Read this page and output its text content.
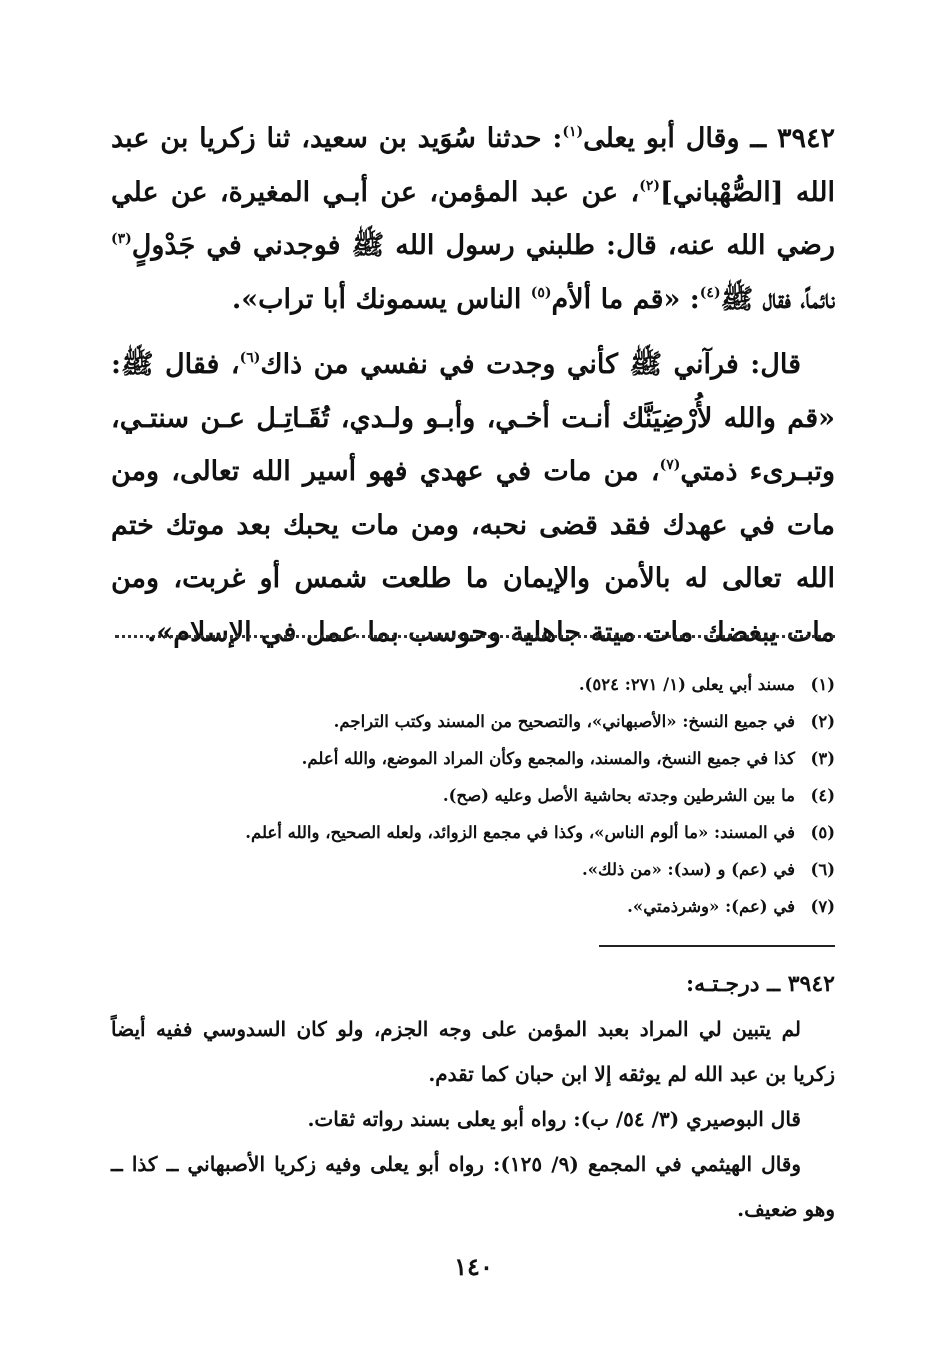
٣٩٤٢ ــ وقال أبو يعلى$^{(١)}$: حدثنا سُوَيد بن سعيد، ثنا زكريا بن عبد الله [الصُّهْباني]$^{(٢)}$، عن عبد المؤمن، عن أبـي المغيرة، عن علي رضي الله عنه، قال: طلبني رسول الله ﷺ فوجدني في جَدْولٍ$^{(٣)}$ نائماً، فقال ﷺ$^{(٤)}$: «قم ما ألأم$^{(٥)}$ الناس يسمونك أبا تراب».

قال: فرآني ﷺ كأني وجدت في نفسي من ذاك$^{(٦)}$، فقال ﷺ: «قم والله لأُرْضِيَنَّك أنـت أخـي، وأبـو ولـدي، تُقَـاتِـل عـن سنتـي، وتبـرىء ذمتي$^{(٧)}$، من مات في عهدي فهو أسير الله تعالى، ومن مات في عهدك فقد قضى نحبه، ومن مات يحبك بعد موتك ختم الله تعالى له بالأمن والإيمان ما طلعت شمس أو غربت، ومن مات يبغضك مات ميتة جاهلية وحوسب بما عمل في الإسلام».

(١)
مسند أبي يعلى (١/ ٢٧١: ٥٢٤).
(٢)
في جميع النسخ: «الأصبهاني»، والتصحيح من المسند وكتب التراجم.
(٣)
كذا في جميع النسخ، والمسند، والمجمع وكأن المراد الموضع، والله أعلم.
(٤)
ما بين الشرطين وجدته بحاشية الأصل وعليه (صح).
(٥)
في المسند: «ما ألوم الناس»، وكذا في مجمع الزوائد، ولعله الصحيح، والله أعلم.
(٦)
في (عم) و (سد): «من ذلك».
(٧)
في (عم): «وشرذمتي».

٣٩٤٢ ــ درجـتـه:

لم يتبين لي المراد بعبد المؤمن على وجه الجزم، ولو كان السدوسي ففيه أيضاً زكريا بن عبد الله لم يوثقه إلا ابن حبان كما تقدم.

قال البوصيري (٣/ ٥٤/ ب): رواه أبو يعلى بسند رواته ثقات.

وقال الهيثمي في المجمع (٩/ ١٢٥): رواه أبو يعلى وفيه زكريا الأصبهاني ــ كذا ــ وهو ضعيف.

١٤٠
